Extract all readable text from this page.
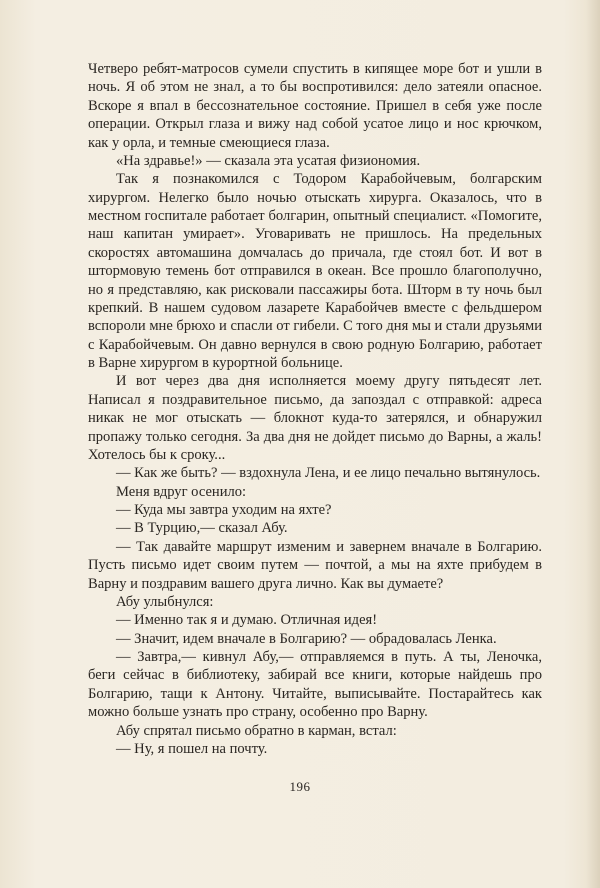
Четверо ребят-матросов сумели спустить в кипящее море бот и ушли в ночь. Я об этом не знал, а то бы воспротивился: дело затеяли опасное. Вскоре я впал в бессознательное состояние. Пришел в себя уже после операции. Открыл глаза и вижу над собой усатое лицо и нос крючком, как у орла, и темные смеющиеся глаза.

«На здравье!» — сказала эта усатая физиономия.

Так я познакомился с Тодором Карабойчевым, болгарским хирургом. Нелегко было ночью отыскать хирурга. Оказалось, что в местном госпитале работает болгарин, опытный специалист. «Помогите, наш капитан умирает». Уговаривать не пришлось. На предельных скоростях автомашина домчалась до причала, где стоял бот. И вот в штормовую темень бот отправился в океан. Все прошло благополучно, но я представляю, как рисковали пассажиры бота. Шторм в ту ночь был крепкий. В нашем судовом лазарете Карабойчев вместе с фельдшером вспороли мне брюхо и спасли от гибели. С того дня мы и стали друзьями с Карабойчевым. Он давно вернулся в свою родную Болгарию, работает в Варне хирургом в курортной больнице.

И вот через два дня исполняется моему другу пятьдесят лет. Написал я поздравительное письмо, да запоздал с отправкой: адреса никак не мог отыскать — блокнот куда-то затерялся, и обнаружил пропажу только сегодня. За два дня не дойдет письмо до Варны, а жаль! Хотелось бы к сроку...

— Как же быть? — вздохнула Лена, и ее лицо печально вытянулось.

Меня вдруг осенило:

— Куда мы завтра уходим на яхте?

— В Турцию,— сказал Абу.

— Так давайте маршрут изменим и завернем вначале в Болгарию. Пусть письмо идет своим путем — почтой, а мы на яхте прибудем в Варну и поздравим вашего друга лично. Как вы думаете?

Абу улыбнулся:

— Именно так я и думаю. Отличная идея!

— Значит, идем вначале в Болгарию? — обрадовалась Ленка.

— Завтра,— кивнул Абу,— отправляемся в путь. А ты, Леночка, беги сейчас в библиотеку, забирай все книги, которые найдешь про Болгарию, тащи к Антону. Читайте, выписывайте. Постарайтесь как можно больше узнать про страну, особенно про Варну.

Абу спрятал письмо обратно в карман, встал:

— Ну, я пошел на почту.

196
